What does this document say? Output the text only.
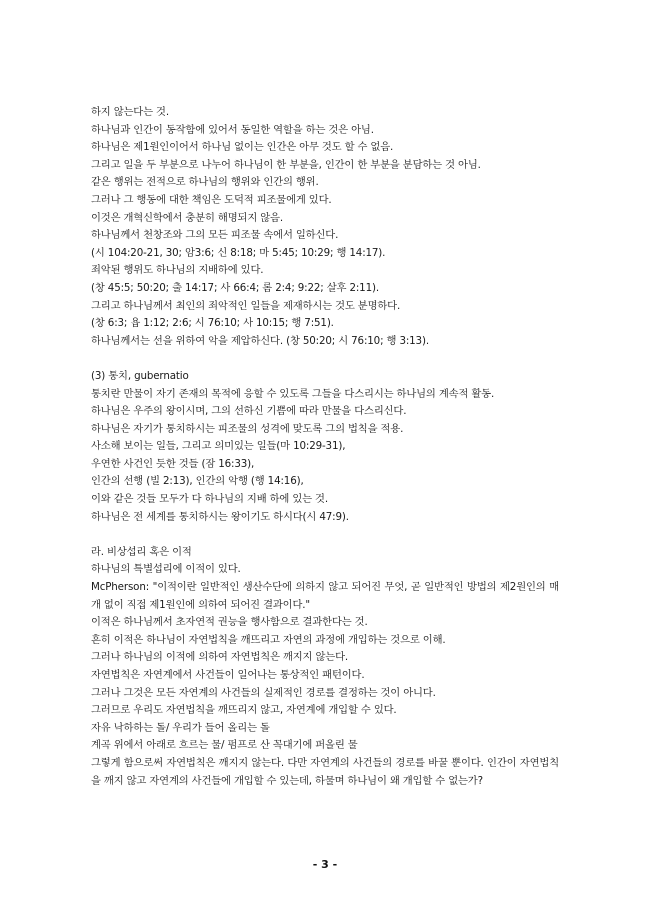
하지 않는다는 것.
하나님과 인간이 동작함에 있어서 동일한 역할을 하는 것은 아님.
하나님은 제1원인이어서 하나님 없이는 인간은 아무 것도 할 수 없음.
그리고 일을 두 부분으로 나누어 하나님이 한 부분을, 인간이 한 부분을 분담하는 것 아님.
같은 행위는 전적으로 하나님의 행위와 인간의 행위.
그러나 그 행동에 대한 책임은 도덕적 피조물에게 있다.
이것은 개혁신학에서 충분히 해명되지 않음.
하나님께서 천창조와 그의 모든 피조물 속에서 일하신다.
(시 104:20-21, 30; 암3:6; 신 8:18; 마 5:45; 10:29; 행 14:17).
죄악된 행위도 하나님의 지배하에 있다.
(창 45:5; 50:20; 출 14:17; 사 66:4; 롬 2:4; 9:22; 살후 2:11).
그리고 하나님께서 최인의 죄악적인 일들을 제재하시는 것도 분명하다.
(창 6:3; 욥 1:12; 2:6; 시 76:10; 사 10:15; 행 7:51).
하나님께서는 선을 위하여 악을 제압하신다. (창 50:20; 시 76:10; 행 3:13).
(3) 통치, gubernatio
통치란 만물이 자기 존재의 목적에 응할 수 있도록 그들을 다스리시는 하나님의 계속적 활동.
하나님은 우주의 왕이시며, 그의 선하신 기쁨에 따라 만물을 다스리신다.
하나님은 자기가 통치하시는 피조물의 성격에 맞도록 그의 법칙을 적용.
사소해 보이는 일들, 그리고 의미있는 일들(마 10:29-31),
우연한 사건인 듯한 것들 (잠 16:33),
인간의 선행 (빌 2:13), 인간의 악행 (행 14:16),
이와 같은 것들 모두가 다 하나님의 지배 하에 있는 것.
하나님은 전 세계를 통치하시는 왕이기도 하시다(시 47:9).
라. 비상섭리 혹은 이적
하나님의 특별섭리에 이적이 있다.
McPherson: "이적이란 일반적인 생산수단에 의하지 않고 되어진 무엇, 곧 일반적인 방법의 제2원인의 매개 없이 직접 제1원인에 의하여 되어진 결과이다."
이적은 하나님께서 초자연적 권능을 행사함으로 결과한다는 것.
흔히 이적은 하나님이 자연법칙을 깨뜨리고 자연의 과정에 개입하는 것으로 이해.
그러나 하나님의 이적에 의하여 자연법칙은 깨지지 않는다.
자연법칙은 자연계에서 사건들이 일어나는 통상적인 패턴이다.
그러나 그것은 모든 자연계의 사건들의 실제적인 경로를 결정하는 것이 아니다.
그러므로 우리도 자연법칙을 깨뜨리지 않고, 자연계에 개입할 수 있다.
자유 낙하하는 돌/ 우리가 들어 올리는 돌
계곡 위에서 아래로 흐르는 물/ 펌프로 산 꼭대기에 퍼올린 물
그렇게 함으로써 자연법칙은 깨지지 않는다. 다만 자연계의 사건들의 경로를 바꿀 뿐이다. 인간이 자연법칙을 깨지 않고 자연계의 사건들에 개입할 수 있는데, 하물며 하나님이 왜 개입할 수 없는가?
- 3 -
